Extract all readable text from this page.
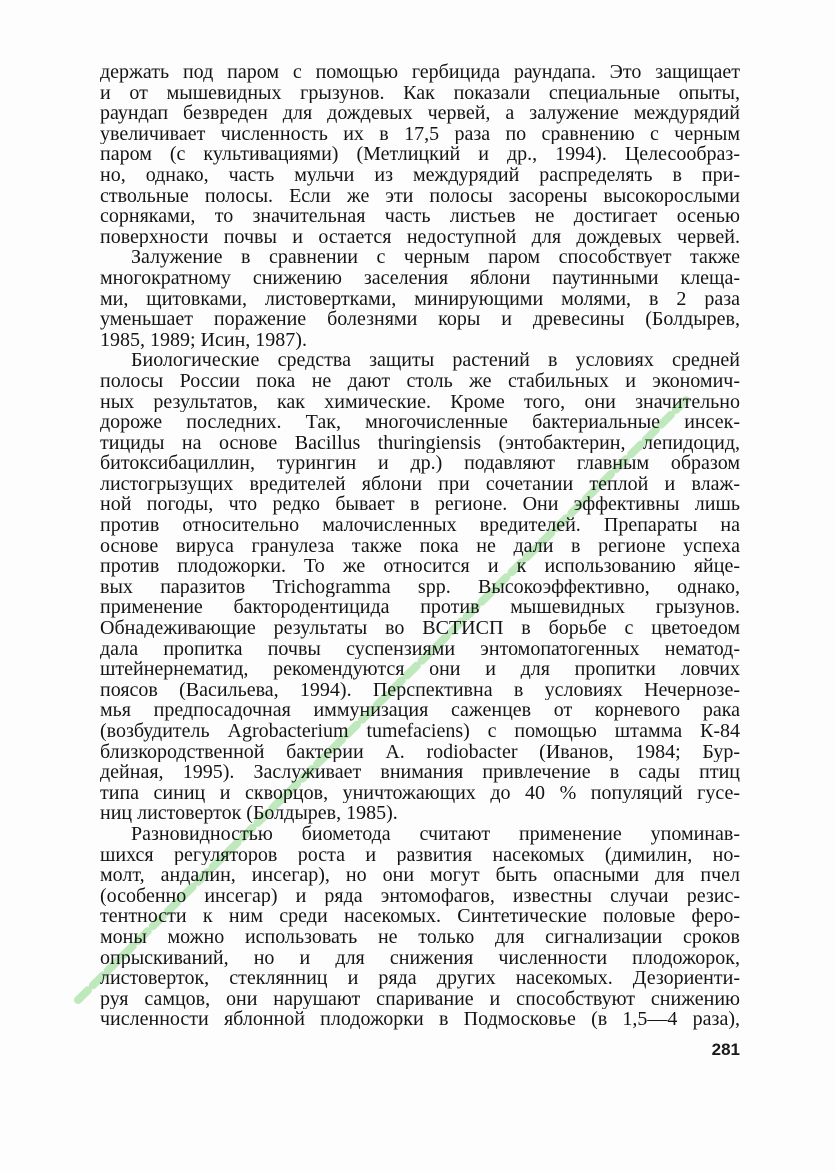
держать под паром с помощью гербицида раундапа. Это защищает
и от мышевидных грызунов. Как показали специальные опыты,
раундап безвреден для дождевых червей, а залужение междурядий
увеличивает численность их в 17,5 раза по сравнению с черным
паром (с культивациями) (Метлицкий и др., 1994). Целесообраз-
но, однако, часть мульчи из междурядий распределять в при-
ствольные полосы. Если же эти полосы засорены высокорослыми
сорняками, то значительная часть листьев не достигает осенью
поверхности почвы и остается недоступной для дождевых червей.
Залужение в сравнении с черным паром способствует также
многократному снижению заселения яблони паутинными клеща-
ми, щитовками, листовертками, минирующими молями, в 2 раза
уменьшает поражение болезнями коры и древесины (Болдырев,
1985, 1989; Исин, 1987).
Биологические средства защиты растений в условиях средней
полосы России пока не дают столь же стабильных и экономич-
ных результатов, как химические. Кроме того, они значительно
дороже последних. Так, многочисленные бактериальные инсек-
тициды на основе Bacillus thuringiensis (энтобактерин, лепидоцид,
битоксибациллин, турингин и др.) подавляют главным образом
листогрызущих вредителей яблони при сочетании теплой и влаж-
ной погоды, что редко бывает в регионе. Они эффективны лишь
против относительно малочисленных вредителей. Препараты на
основе вируса гранулеза также пока не дали в регионе успеха
против плодожорки. То же относится и к использованию яйце-
вых паразитов Trichogramma spp. Высокоэффективно, однако,
применение бактородентицида против мышевидных грызунов.
Обнадеживающие результаты во ВСТИСП в борьбе с цветоедом
дала пропитка почвы суспензиями энтомопатогенных нематод-
штейнернематид, рекомендуются они и для пропитки ловчих
поясов (Васильева, 1994). Перспективна в условиях Нечернозе-
мья предпосадочная иммунизация саженцев от корневого рака
(возбудитель Agrobacterium tumefaciens) с помощью штамма К-84
близкородственной бактерии A. rodiobacter (Иванов, 1984; Бур-
дейная, 1995). Заслуживает внимания привлечение в сады птиц
типа синиц и скворцов, уничтожающих до 40 % популяций гусе-
ниц листоверток (Болдырев, 1985).
Разновидностью биометода считают применение упоминав-
шихся регуляторов роста и развития насекомых (димилин, но-
молт, андалин, инсегар), но они могут быть опасными для пчел
(особенно инсегар) и ряда энтомофагов, известны случаи резис-
тентности к ним среди насекомых. Синтетические половые феро-
моны можно использовать не только для сигнализации сроков
опрыскиваний, но и для снижения численности плодожорок,
листоверток, стеклянниц и ряда других насекомых. Дезориенти-
руя самцов, они нарушают спаривание и способствуют снижению
численности яблонной плодожорки в Подмосковье (в 1,5—4 раза),
281
